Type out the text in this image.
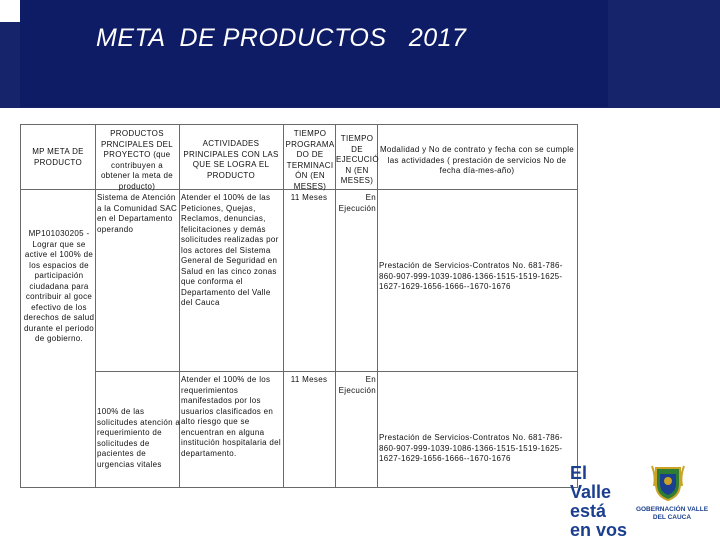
META  DE PRODUCTOS   2017
MP META DE PRODUCTO
PRODUCTOS PRNCIPALES DEL PROYECTO (que contribuyen a obtener la meta de producto)
ACTIVIDADES PRINCIPALES CON LAS QUE SE LOGRA EL PRODUCTO
TIEMPO PROGRAMA DO DE TERMINACI ÓN (EN MESES)
TIEMPO DE EJECUCIÓ N (EN MESES)
Modalidad y No de contrato y fecha con se cumple las actividades ( prestación de servicios No de fecha día-mes-año)
MP101030205 - Lograr que se active el 100% de los espacios de participación ciudadana para contribuir al goce efectivo de los derechos de salud durante el periodo de gobierno.
Sistema de Atención a la Comunidad SAC en el Departamento operando
Atender el 100% de las Peticiones, Quejas, Reclamos, denuncias, felicitaciones y demás solicitudes realizadas por los actores del Sistema General de Seguridad en Salud en las cinco zonas que conforma el Departamento del Valle del Cauca
11 Meses	En Ejecución
Prestación de Servicios-Contratos No. 681-786-860-907-999-1039-1086-1366-1515-1519-1625-1627-1629-1656-1666--1670-1676
100% de las solicitudes atención a requerimiento de solicitudes de pacientes de urgencias vitales
Atender el 100% de los requerimientos manifestados por los usuarios clasificados en alto riesgo que se encuentran en alguna institución hospitalaria del departamento.
11 Meses	En Ejecución
Prestación de Servicios-Contratos No. 681-786-860-907-999-1039-1086-1366-1515-1519-1625-1627-1629-1656-1666--1670-1676
El Valle está en vos
GOBERNACIÓN VALLE DEL CAUCA
